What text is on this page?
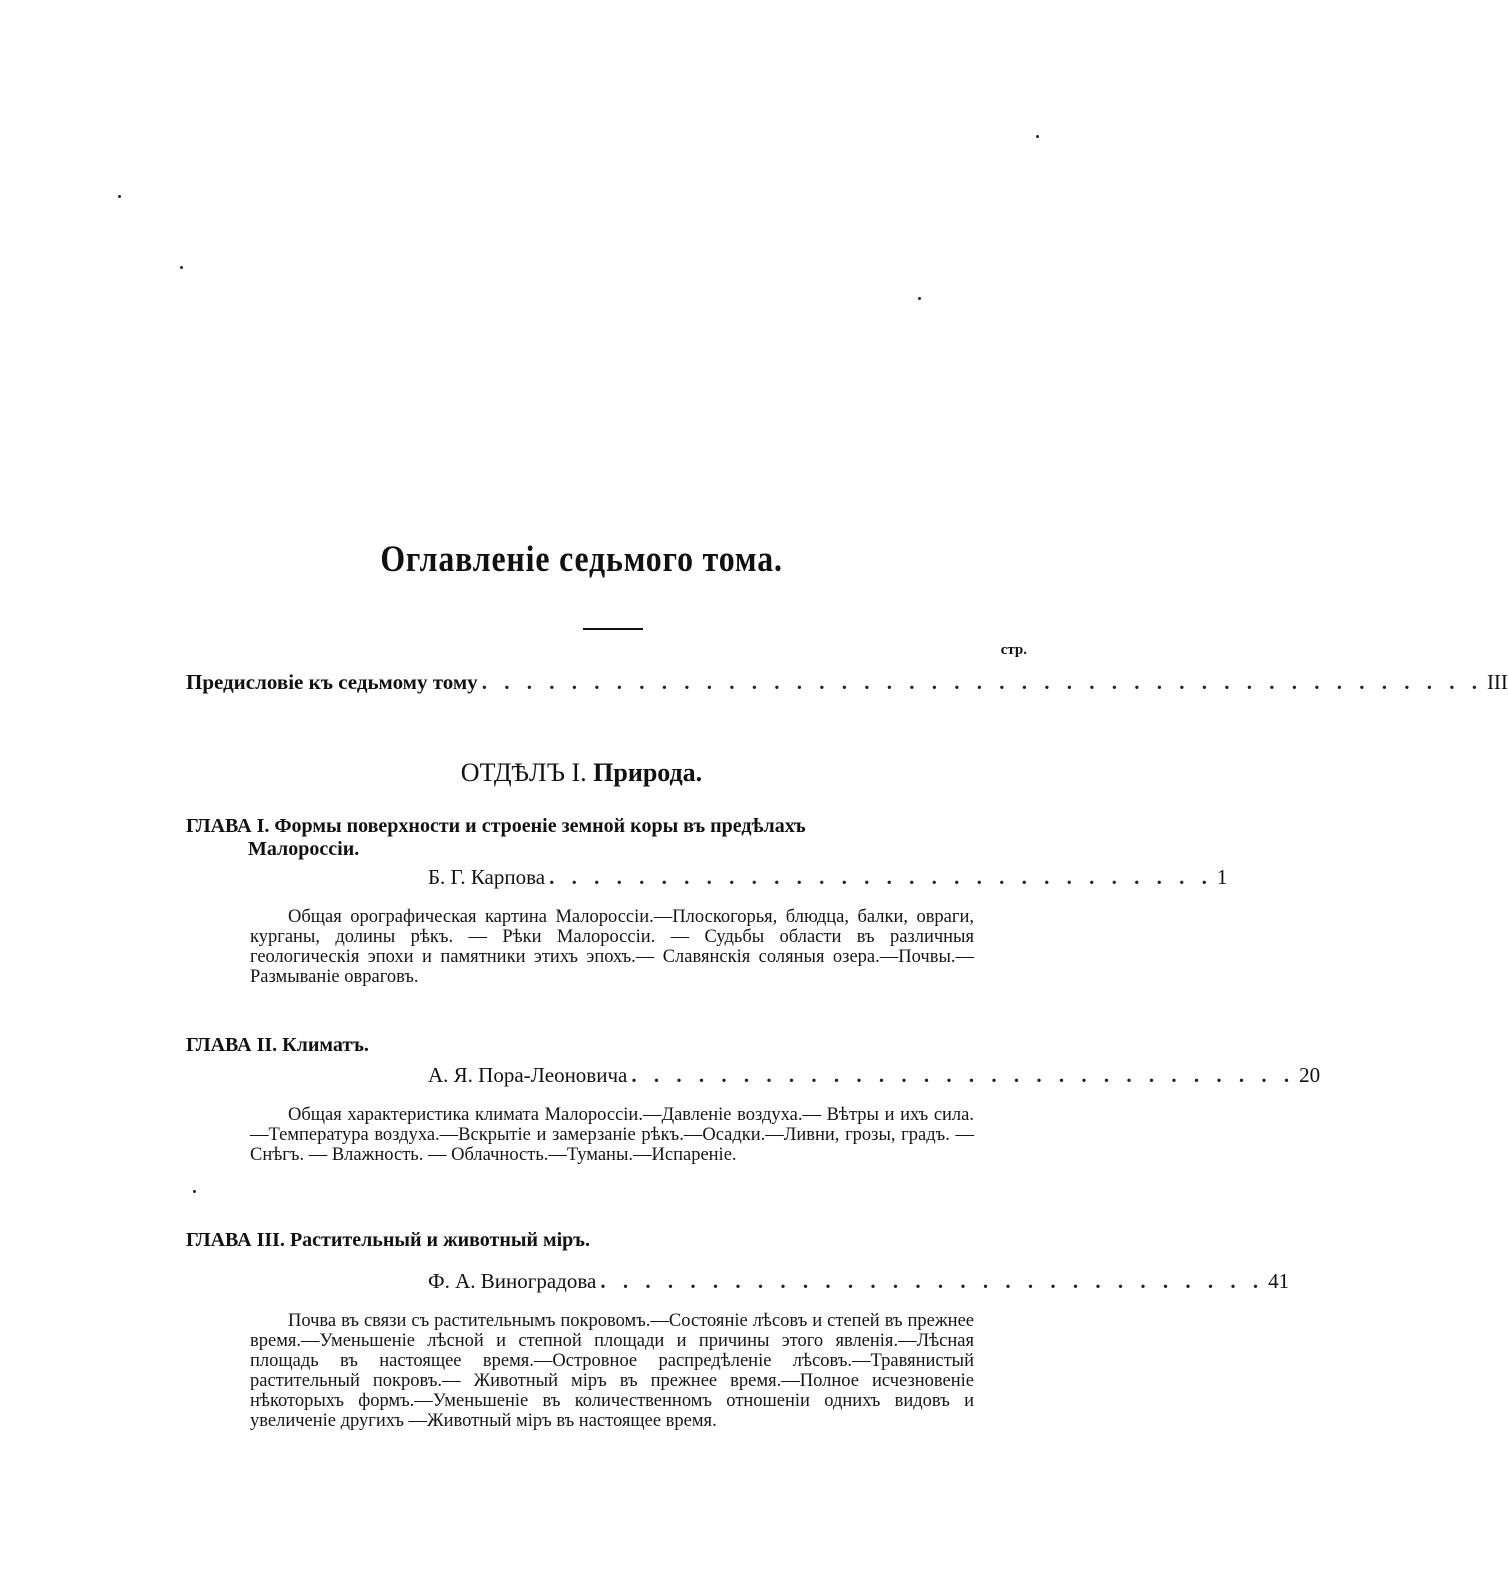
Оглавленіе седьмого тома.
стр.
Предисловіе къ седьмому тому . . . . . . . . . . . . . . . . . . . . . . . . . . . . . . . . . . . . . . . . . . . . . III
ОТДѢЛЪ I. Природа.
ГЛАВА I. Формы поверхности и строеніе земной коры въ предѣлахъ
Малороссіи.
Б. Г. Карпова . . . . . . . . . . . . . . . . . . . . . . . . . . . . . . 1
Общая орографическая картина Малороссіи.—Плоскогорья, блюдца, балки, овраги, курганы, долины рѣкъ. — Рѣки Малороссіи. — Судьбы области въ различныя геологическія эпохи и памятники этихъ эпохъ.— Славянскія соляныя озера.—Почвы.—Размываніе овраговъ.
ГЛАВА II. Климатъ.
А. Я. Пора-Леоновича . . . . . . . . . . . . . . . . . . . . . . . . . . . . . . 20
Общая характеристика климата Малороссіи.—Давленіе воздуха.— Вѣтры и ихъ сила.—Температура воздуха.—Вскрытіе и замерзаніе рѣкъ.—Осадки.—Ливни, грозы, градъ. — Снѣгъ. — Влажность. — Облачность.—Туманы.—Испареніе.
ГЛАВА III. Растительный и животный міръ.
Ф. А. Виноградова . . . . . . . . . . . . . . . . . . . . . . . . . . . . . . 41
Почва въ связи съ растительнымъ покровомъ.—Состояніе лѣсовъ и степей въ прежнее время.—Уменьшеніе лѣсной и степной площади и причины этого явленія.—Лѣсная площадь въ настоящее время.—Островное распредѣленіе лѣсовъ.—Травянистый растительный покровъ.— Животный міръ въ прежнее время.—Полное исчезновеніе нѣкоторыхъ формъ.—Уменьшеніе въ количественномъ отношеніи однихъ видовъ и увеличеніе другихъ —Животный міръ въ настоящее время.
